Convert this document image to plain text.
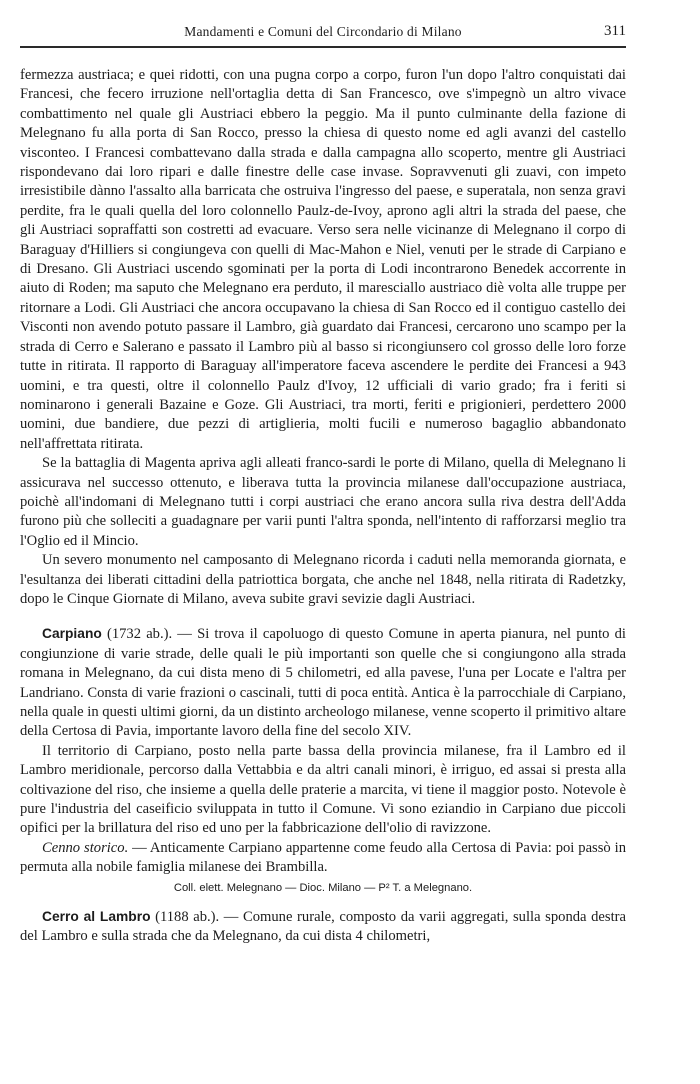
Mandamenti e Comuni del Circondario di Milano	311

fermezza austriaca; e quei ridotti, con una pugna corpo a corpo, furon l'un dopo l'altro conquistati dai Francesi, che fecero irruzione nell'ortaglia detta di San Francesco, ove s'impegnò un altro vivace combattimento nel quale gli Austriaci ebbero la peggio. Ma il punto culminante della fazione di Melegnano fu alla porta di San Rocco, presso la chiesa di questo nome ed agli avanzi del castello visconteo. I Francesi combattevano dalla strada e dalla campagna allo scoperto, mentre gli Austriaci rispondevano dai loro ripari e dalle finestre delle case invase. Sopravvenuti gli zuavi, con impeto irresistibile dànno l'assalto alla barricata che ostruiva l'ingresso del paese, e superatala, non senza gravi perdite, fra le quali quella del loro colonnello Paulz-de-Ivoy, aprono agli altri la strada del paese, che gli Austriaci sopraffatti son costretti ad evacuare. Verso sera nelle vicinanze di Melegnano il corpo di Baraguay d'Hilliers si congiungeva con quelli di Mac-Mahon e Niel, venuti per le strade di Carpiano e di Dresano. Gli Austriaci uscendo sgominati per la porta di Lodi incontrarono Benedek accorrente in aiuto di Roden; ma saputo che Melegnano era perduto, il maresciallo austriaco diè volta alle truppe per ritornare a Lodi. Gli Austriaci che ancora occupavano la chiesa di San Rocco ed il contiguo castello dei Visconti non avendo potuto passare il Lambro, già guardato dai Francesi, cercarono uno scampo per la strada di Cerro e Salerano e passato il Lambro più al basso si ricongiunsero col grosso delle loro forze tutte in ritirata. Il rapporto di Baraguay all'imperatore faceva ascendere le perdite dei Francesi a 943 uomini, e tra questi, oltre il colonnello Paulz d'Ivoy, 12 ufficiali di vario grado; fra i feriti si nominarono i generali Bazaine e Goze. Gli Austriaci, tra morti, feriti e prigionieri, perdettero 2000 uomini, due bandiere, due pezzi di artiglieria, molti fucili e numeroso bagaglio abbandonato nell'affrettata ritirata.

Se la battaglia di Magenta apriva agli alleati franco-sardi le porte di Milano, quella di Melegnano li assicurava nel successo ottenuto, e liberava tutta la provincia milanese dall'occupazione austriaca, poichè all'indomani di Melegnano tutti i corpi austriaci che erano ancora sulla riva destra dell'Adda furono più che solleciti a guadagnare per varii punti l'altra sponda, nell'intento di rafforzarsi meglio tra l'Oglio ed il Mincio.

Un severo monumento nel camposanto di Melegnano ricorda i caduti nella memoranda giornata, e l'esultanza dei liberati cittadini della patriottica borgata, che anche nel 1848, nella ritirata di Radetzky, dopo le Cinque Giornate di Milano, aveva subite gravi sevizie dagli Austriaci.

Carpiano (1732 ab.). — Si trova il capoluogo di questo Comune in aperta pianura, nel punto di congiunzione di varie strade, delle quali le più importanti son quelle che si congiungono alla strada romana in Melegnano, da cui dista meno di 5 chilometri, ed alla pavese, l'una per Locate e l'altra per Landriano. Consta di varie frazioni o cascinali, tutti di poca entità. Antica è la parrocchiale di Carpiano, nella quale in questi ultimi giorni, da un distinto archeologo milanese, venne scoperto il primitivo altare della Certosa di Pavia, importante lavoro della fine del secolo XIV.

Il territorio di Carpiano, posto nella parte bassa della provincia milanese, fra il Lambro ed il Lambro meridionale, percorso dalla Vettabbia e da altri canali minori, è irriguo, ed assai si presta alla coltivazione del riso, che insieme a quella delle praterie a marcita, vi tiene il maggior posto. Notevole è pure l'industria del caseificio sviluppata in tutto il Comune. Vi sono eziandio in Carpiano due piccoli opifici per la brillatura del riso ed uno per la fabbricazione dell'olio di ravizzone.

Cenno storico. — Anticamente Carpiano appartenne come feudo alla Certosa di Pavia: poi passò in permuta alla nobile famiglia milanese dei Brambilla.

Coll. elett. Melegnano — Dioc. Milano — P² T. a Melegnano.

Cerro al Lambro (1188 ab.). — Comune rurale, composto da varii aggregati, sulla sponda destra del Lambro e sulla strada che da Melegnano, da cui dista 4 chilometri,
